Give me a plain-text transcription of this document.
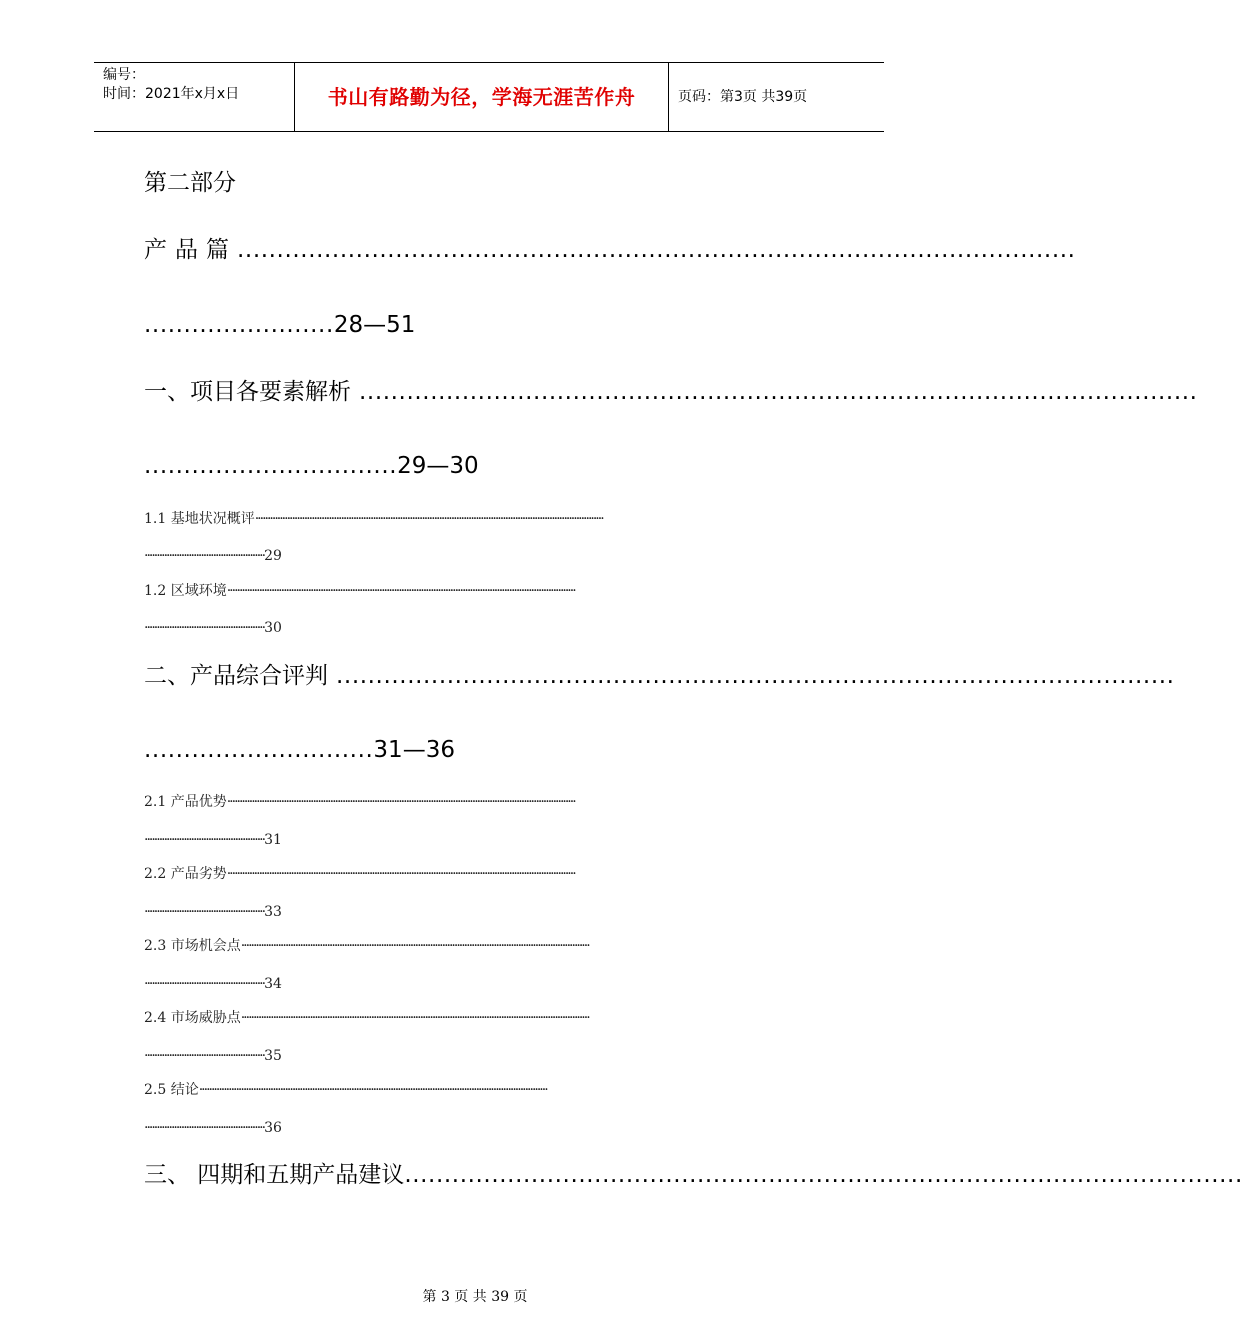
编号：
时间：2021年x月x日	书山有路勤为径，学海无涯苦作舟	页码：第3页 共39页
第二部分
产品篇 ..........................................................................................................
........................ 28—51
一、项目各要素解析 ..........................................................................................................
................................ 29—30
1.1 基地状况概评 ··············································································································································
················································· 29
1.2 区域环境 ··············································································································································
················································· 30
二、产品综合评判 ..........................................................................................................
............................. 31—36
2.1 产品优势 ··············································································································································
················································· 31
2.2 产品劣势 ··············································································································································
················································· 33
2.3 市场机会点 ··············································································································································
················································· 34
2.4 市场威胁点 ··············································································································································
················································· 35
2.5 结论 ··············································································································································
················································· 36
三、 四期和五期产品建议 ..........................................................................................................
第 3 页 共 39 页
